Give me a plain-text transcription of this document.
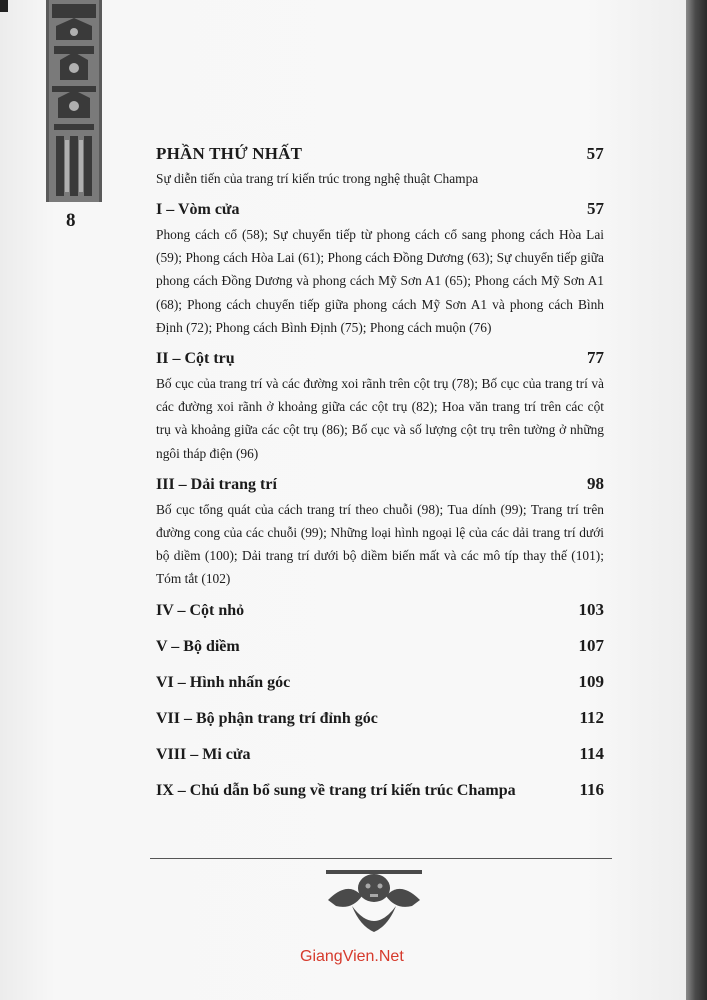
8
PHẦN THỨ NHẤT	57
Sự diễn tiến của trang trí kiến trúc trong nghệ thuật Champa
I – Vòm cửa	57
Phong cách cổ (58); Sự chuyển tiếp từ phong cách cổ sang phong cách Hòa Lai (59); Phong cách Hòa Lai (61); Phong cách Đồng Dương (63); Sự chuyển tiếp giữa phong cách Đồng Dương và phong cách Mỹ Sơn A1 (65); Phong cách Mỹ Sơn A1 (68); Phong cách chuyển tiếp giữa phong cách Mỹ Sơn A1 và phong cách Bình Định (72); Phong cách Bình Định (75); Phong cách muộn (76)
II – Cột trụ	77
Bố cục của trang trí và các đường xoi rãnh trên cột trụ (78); Bố cục của trang trí và các đường xoi rãnh ở khoảng giữa các cột trụ (82); Hoa văn trang trí trên các cột trụ và khoảng giữa các cột trụ (86); Bố cục và số lượng cột trụ trên tường ở những ngôi tháp điện (96)
III – Dải trang trí	98
Bố cục tổng quát của cách trang trí theo chuỗi (98); Tua dính (99); Trang trí trên đường cong của các chuỗi (99); Những loại hình ngoại lệ của các dải trang trí dưới bộ diềm (100); Dải trang trí dưới bộ diềm biến mất và các mô típ thay thế (101); Tóm tắt (102)
IV – Cột nhỏ	103
V – Bộ diềm	107
VI – Hình nhấn góc	109
VII – Bộ phận trang trí đỉnh góc	112
VIII – Mi cửa	114
IX – Chú dẫn bổ sung về trang trí kiến trúc Champa	116
GiangVien.Net
